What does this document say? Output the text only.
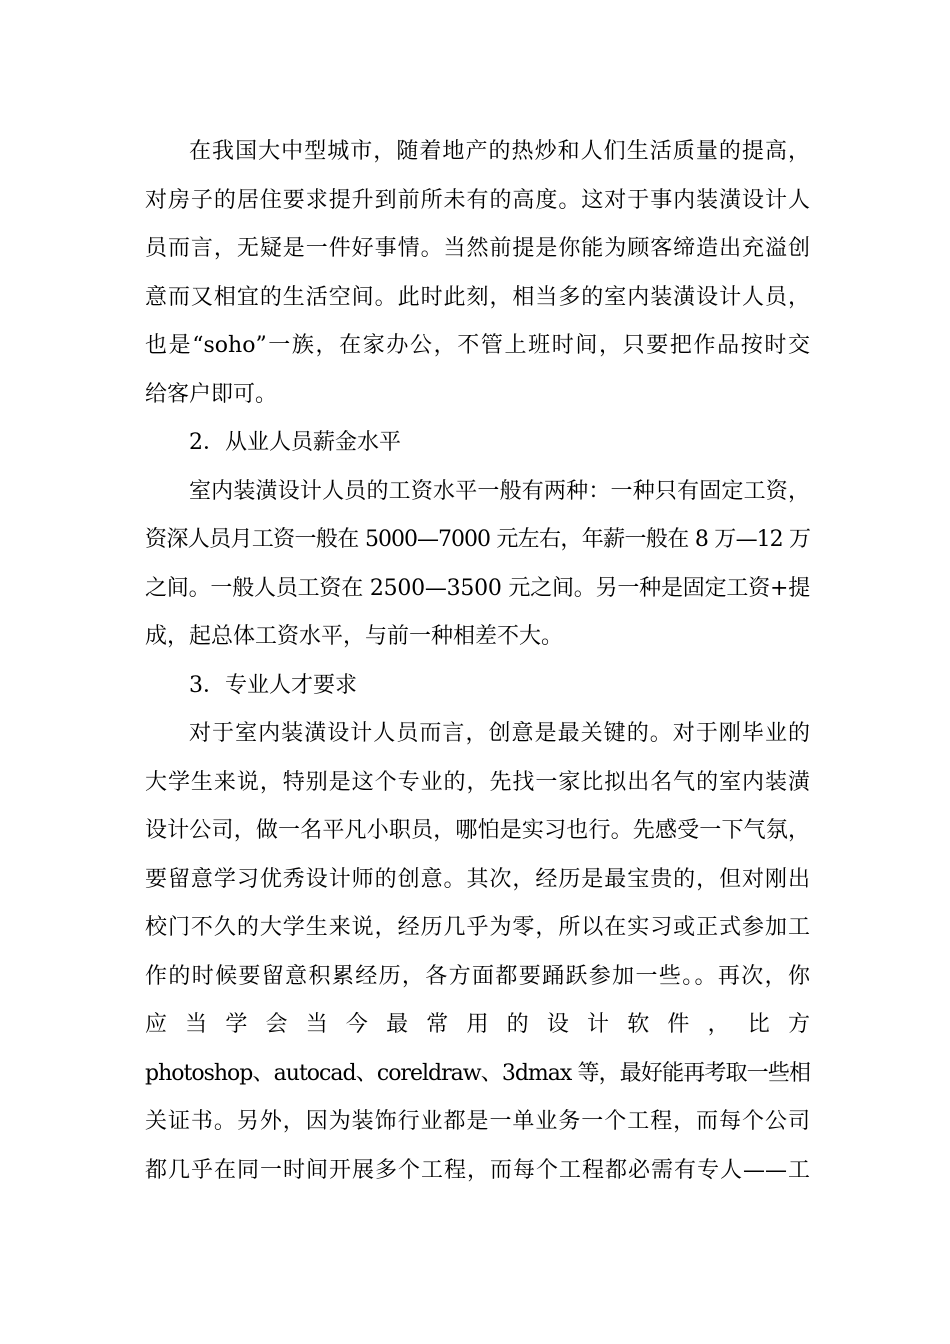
在我国大中型城市，随着地产的热炒和人们生活质量的提高，
对房子的居住要求提升到前所未有的高度。这对于事内装潢设计人
员而言，无疑是一件好事情。当然前提是你能为顾客缔造出充溢创
意而又相宜的生活空间。此时此刻，相当多的室内装潢设计人员，
也是“soho”一族，在家办公，不管上班时间，只要把作品按时交
给客户即可。
2．从业人员薪金水平
室内装潢设计人员的工资水平一般有两种：一种只有固定工资，
资深人员月工资一般在 5000—7000 元左右，年薪一般在 8 万—12 万
之间。一般人员工资在 2500—3500 元之间。另一种是固定工资+提
成，起总体工资水平，与前一种相差不大。
3．专业人才要求
对于室内装潢设计人员而言，创意是最关键的。对于刚毕业的
大学生来说，特别是这个专业的，先找一家比拟出名气的室内装潢
设计公司，做一名平凡小职员，哪怕是实习也行。先感受一下气氛，
要留意学习优秀设计师的创意。其次，经历是最宝贵的，但对刚出
校门不久的大学生来说，经历几乎为零，所以在实习或正式参加工
作的时候要留意积累经历，各方面都要踊跃参加一些。。再次，你
应当学会当今最常用的设计软件，比方
photoshop、autocad、coreldraw、3dmax 等，最好能再考取一些相
关证书。另外，因为装饰行业都是一单业务一个工程，而每个公司
都几乎在同一时间开展多个工程，而每个工程都必需有专人——工
